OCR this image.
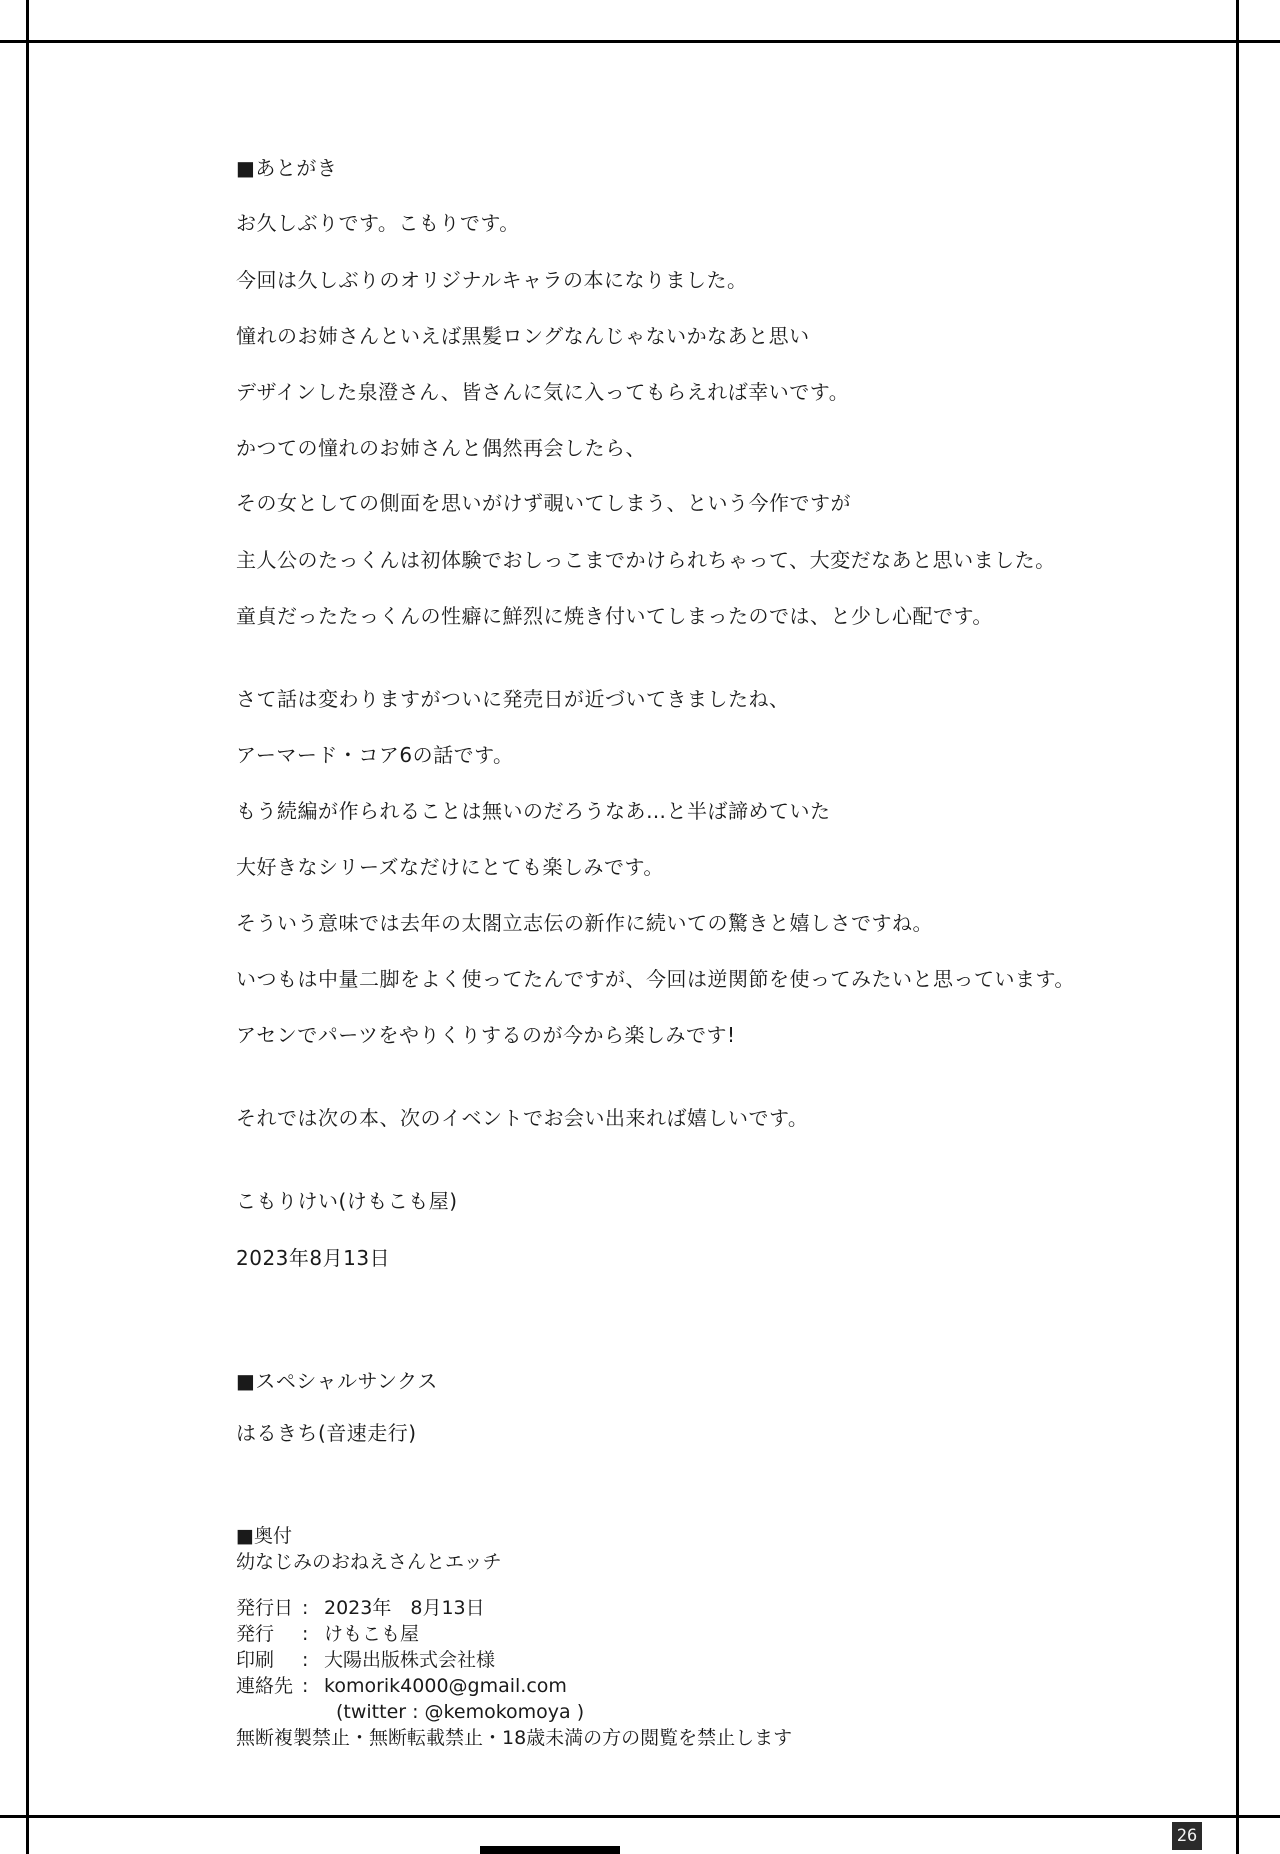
■あとがき
お久しぶりです。こもりです。
今回は久しぶりのオリジナルキャラの本になりました。
憧れのお姉さんといえば黒髪ロングなんじゃないかなあと思い
デザインした泉澄さん、皆さんに気に入ってもらえれば幸いです。
かつての憧れのお姉さんと偶然再会したら、
その女としての側面を思いがけず覗いてしまう、という今作ですが
主人公のたっくんは初体験でおしっこまでかけられちゃって、大変だなあと思いました。
童貞だったたっくんの性癖に鮮烈に焼き付いてしまったのでは、と少し心配です。
さて話は変わりますがついに発売日が近づいてきましたね、
アーマード・コア6の話です。
もう続編が作られることは無いのだろうなあ…と半ば諦めていた
大好きなシリーズなだけにとても楽しみです。
そういう意味では去年の太閤立志伝の新作に続いての驚きと嬉しさですね。
いつもは中量二脚をよく使ってたんですが、今回は逆関節を使ってみたいと思っています。
アセンでパーツをやりくりするのが今から楽しみです!
それでは次の本、次のイベントでお会い出来れば嬉しいです。
こもりけい(けもこも屋)
2023年8月13日
■スペシャルサンクス
はるきち(音速走行)
■奥付
幼なじみのおねえさんとエッチ
発行日 : 2023年　8月13日
発行	: けもこも屋
印刷	: 大陽出版株式会社様
連絡先 : komorik4000@gmail.com
(twitter : @kemokomoya )
無断複製禁止・無断転載禁止・18歳未満の方の閲覧を禁止します
26
